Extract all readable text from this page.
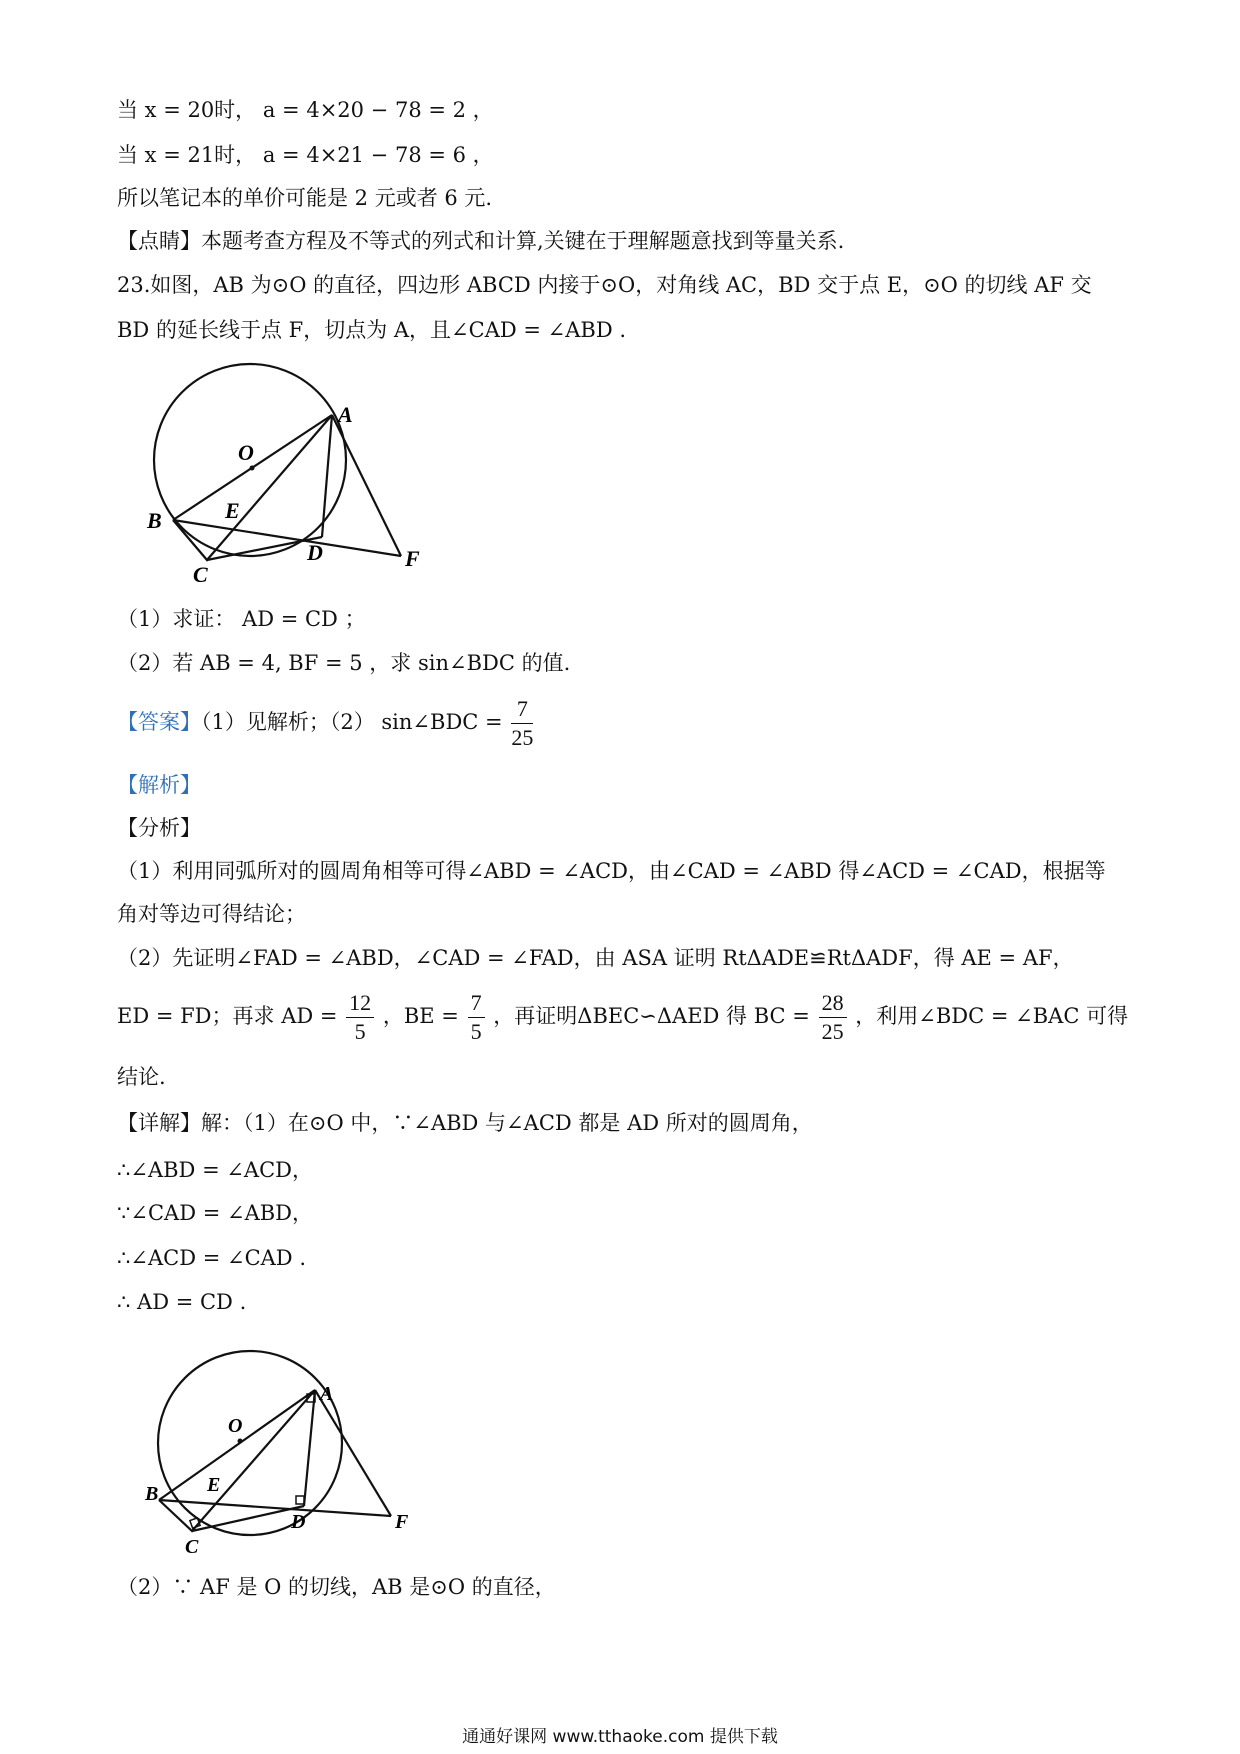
当 x = 20时， a = 4×20 − 78 = 2 ，
当 x = 21时， a = 4×21 − 78 = 6 ，
所以笔记本的单价可能是 2 元或者 6 元.
【点睛】本题考查方程及不等式的列式和计算,关键在于理解题意找到等量关系.
23.如图，AB 为⊙O 的直径，四边形 ABCD 内接于⊙O，对角线 AC，BD 交于点 E，⊙O 的切线 AF 交
BD 的延长线于点 F，切点为 A，且∠CAD = ∠ABD .
A
O
E
B
D
C
F
（1）求证： AD = CD ；
（2）若 AB = 4, BF = 5 ，求 sin∠BDC 的值.
【答案】（1）见解析；（2） sin∠BDC = $\frac{7}{25}$
【解析】
【分析】
（1）利用同弧所对的圆周角相等可得∠ABD = ∠ACD，由∠CAD = ∠ABD 得∠ACD = ∠CAD，根据等
角对等边可得结论；
（2）先证明∠FAD = ∠ABD，∠CAD = ∠FAD，由 ASA 证明 RtΔADE≌RtΔADF，得 AE = AF，
ED = FD；再求 AD = $\frac{12}{5}$ ，BE = $\frac{7}{5}$ ，再证明ΔBEC∽ΔAED 得 BC = $\frac{28}{25}$ ，利用∠BDC = ∠BAC 可得
结论.
【详解】解：（1）在⊙O 中，∵∠ABD 与∠ACD 都是 AD 所对的圆周角，
∴∠ABD = ∠ACD，
∵∠CAD = ∠ABD，
∴∠ACD = ∠CAD .
∴ AD = CD .
A
O
E
B
D
C
F
（2）∵ AF 是 O 的切线，AB 是⊙O 的直径，
通通好课网 www.tthaoke.com 提供下载
